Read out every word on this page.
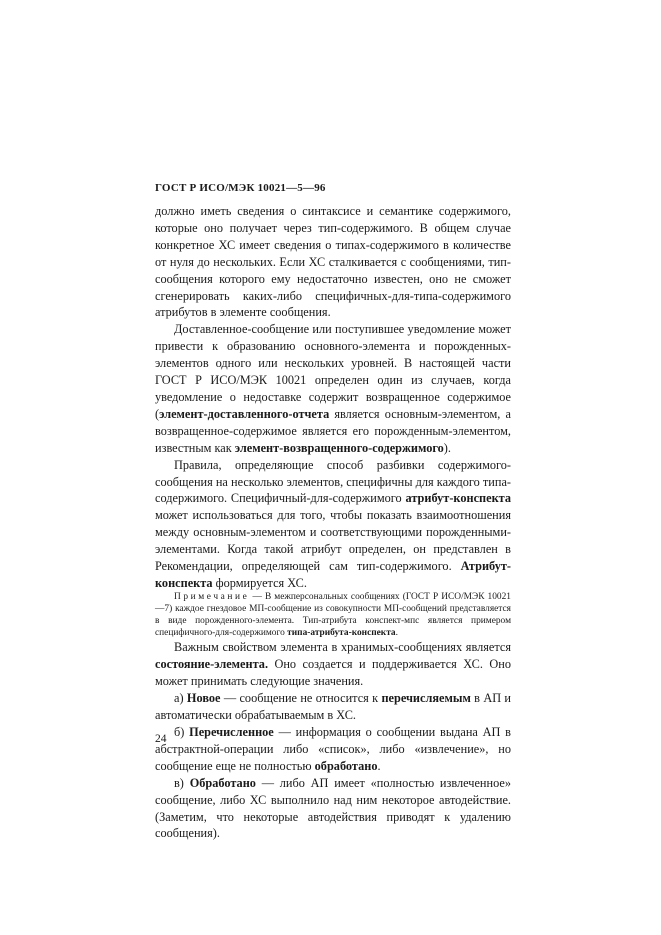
ГОСТ Р ИСО/МЭК 10021—5—96

должно иметь сведения о синтаксисе и семантике содержимого, которые оно получает через тип-содержимого. В общем случае конкретное ХС имеет сведения о типах-содержимого в количестве от нуля до нескольких. Если ХС сталкивается с сообщениями, тип-сообщения которого ему недостаточно известен, оно не сможет сгенерировать каких-либо специфичных-для-типа-содержимого атрибутов в элементе сообщения.

Доставленное-сообщение или поступившее уведомление может привести к образованию основного-элемента и порожденных-элементов одного или нескольких уровней. В настоящей части ГОСТ Р ИСО/МЭК 10021 определен один из случаев, когда уведомление о недоставке содержит возвращенное содержимое (элемент-доставленного-отчета является основным-элементом, а возвращенное-содержимое является его порожденным-элементом, известным как элемент-возвращенного-содержимого).

Правила, определяющие способ разбивки содержимого-сообщения на несколько элементов, специфичны для каждого типа-содержимого. Специфичный-для-содержимого атрибут-конспекта может использоваться для того, чтобы показать взаимоотношения между основным-элементом и соответствующими порожденными-элементами. Когда такой атрибут определен, он представлен в Рекомендации, определяющей сам тип-содержимого. Атрибут-конспекта формируется ХС.

Примечание — В межперсональных сообщениях (ГОСТ Р ИСО/МЭК 10021—7) каждое гнездовое МП-сообщение из совокупности МП-сообщений представляется в виде порожденного-элемента. Тип-атрибута конспект-мпс является примером специфичного-для-содержимого типа-атрибута-конспекта.

Важным свойством элемента в хранимых-сообщениях является состояние-элемента. Оно создается и поддерживается ХС. Оно может принимать следующие значения.

а) Новое — сообщение не относится к перечисляемым в АП и автоматически обрабатываемым в ХС.

б) Перечисленное — информация о сообщении выдана АП в абстрактной-операции либо «список», либо «извлечение», но сообщение еще не полностью обработано.

в) Обработано — либо АП имеет «полностью извлеченное» сообщение, либо ХС выполнило над ним некоторое автодействие. (Заметим, что некоторые автодействия приводят к удалению сообщения).

24
